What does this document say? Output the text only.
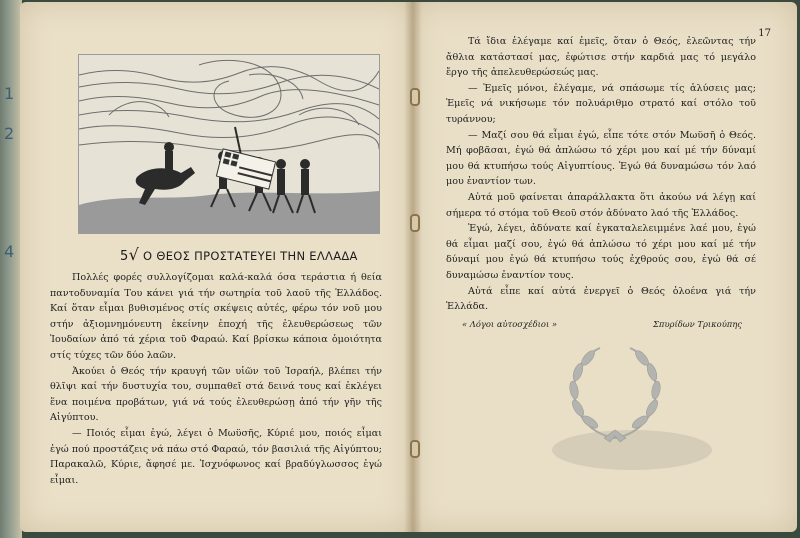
1
2
4	5√ Ο ΘΕΟΣ ΠΡΟΣΤΑΤΕΥΕΙ ΤΗΝ ΕΛΛΑΔΑ

Πολλές φορές συλλογίζομαι καλά-καλά όσα τεράστια ή θεία παντοδυναμία Του κάνει γιά τήν σωτηρία τοῦ λαοῦ τῆς Ἑλλάδος. Καί ὅταν εἶμαι βυθισμένος στίς σκέψεις αὐτές, φέρω τόν νοῦ μου στήν ἀξιομνημόνευτη ἐκείνην ἐποχή τῆς ἐλευθερώσεως τῶν Ἰουδαίων ἀπό τά χέρια τοῦ Φαραώ. Καί βρίσκω κάποια ὁμοιότητα στίς τύχες τῶν δύο λαῶν.

Ἀκούει ὁ Θεός τήν κραυγή τῶν υἱῶν τοῦ Ἰσραήλ, βλέπει τήν θλῖψι καί τήν δυστυχία του, συμπαθεῖ στά δεινά τους καί ἐκλέγει ἕνα ποιμένα προβάτων, γιά νά τούς ἐλευθερώσῃ ἀπό τήν γῆν τῆς Αἰγύπτου.

— Ποιός εἶμαι ἐγώ, λέγει ὁ Μωϋσῆς, Κύριέ μου, ποιός εἶμαι ἐγώ πού προστάζεις νά πάω στό Φαραώ, τόν βασιλιά τῆς Αἰγύπτου; Παρακαλῶ, Κύριε, ἄφησέ με. Ἰσχνόφωνος καί βραδύγλωσσος ἐγώ εἶμαι.

17

Τά ἴδια ἐλέγαμε καί ἐμεῖς, ὅταν ὁ Θεός, ἐλεῶντας τήν ἄθλια κατάστασί μας, ἐφώτισε στήν καρδιά μας τό μεγάλο ἔργο τῆς ἀπελευθερώσεώς μας.

— Ἐμεῖς μόνοι, ἐλέγαμε, νά σπάσωμε τίς ἁλύσεις μας; Ἐμεῖς νά νικήσωμε τόν πολυάριθμο στρατό καί στόλο τοῦ τυράννου;

— Μαζί σου θά εἶμαι ἐγώ, εἶπε τότε στόν Μωϋσῆ ὁ Θεός. Μή φοβᾶσαι, ἐγώ θά ἁπλώσω τό χέρι μου καί μέ τήν δύναμί μου θά κτυπήσω τούς Αἰγυπτίους. Ἐγώ θά δυναμώσω τόν λαό μου ἐναντίον των.

Αὐτά μοῦ φαίνεται ἀπαράλλακτα ὅτι ἀκούω νά λέγῃ καί σήμερα τό στόμα τοῦ Θεοῦ στόν ἀδύνατο λαό τῆς Ἑλλάδος.

Ἐγώ, λέγει, ἀδύνατε καί ἐγκαταλελειμμένε λαέ μου, ἐγώ θά εἶμαι μαζί σου, ἐγώ θά ἁπλώσω τό χέρι μου καί μέ τήν δύναμί μου ἐγώ θά κτυπήσω τούς ἐχθρούς σου, ἐγώ θά σέ δυναμώσω ἐναντίον τους.

Αὐτά εἶπε καί αὐτά ἐνεργεῖ ὁ Θεός ὁλοένα γιά τήν Ἑλλάδα.

« Λόγοι αὐτοσχέδιοι »	Σπυρίδων Τρικούπης
